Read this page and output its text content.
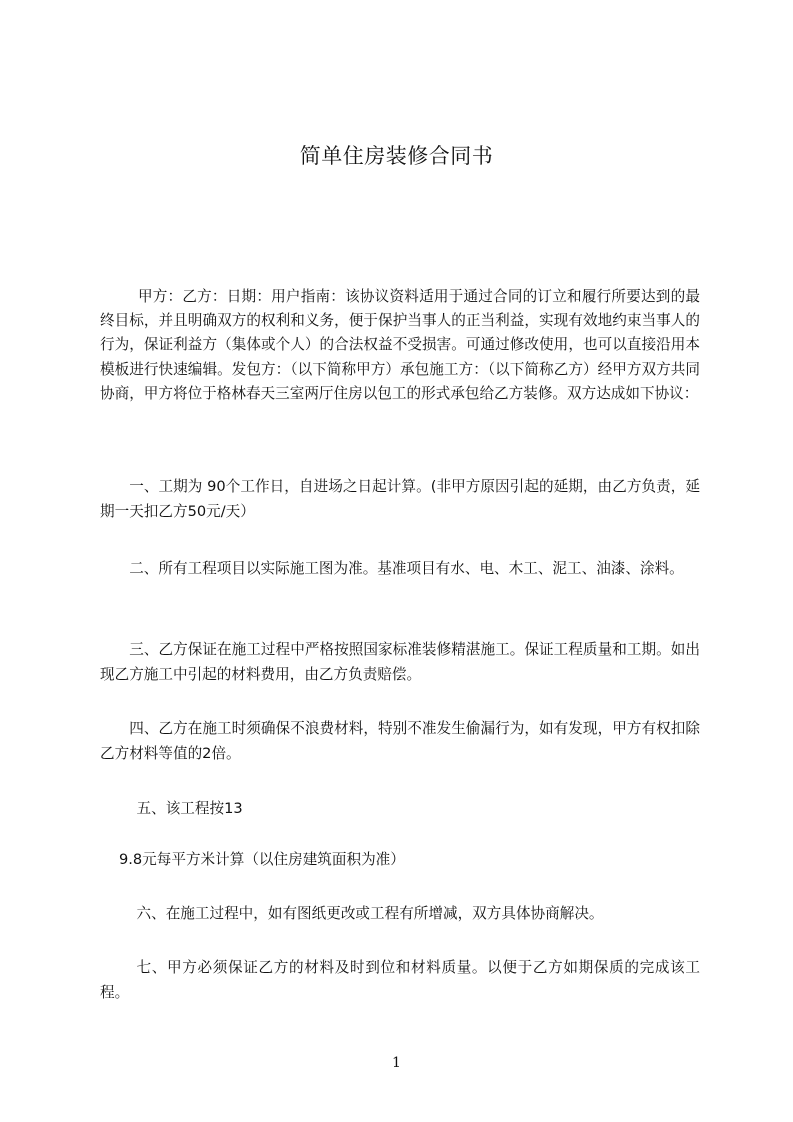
简单住房装修合同书

甲方：乙方：日期：用户指南：该协议资料适用于通过合同的订立和履行所要达到的最终目标，并且明确双方的权利和义务，便于保护当事人的正当利益，实现有效地约束当事人的行为，保证利益方（集体或个人）的合法权益不受损害。可通过修改使用，也可以直接沿用本模板进行快速编辑。发包方：（以下简称甲方）承包施工方：（以下简称乙方）经甲方双方共同协商，甲方将位于格林春天三室两厅住房以包工的形式承包给乙方装修。双方达成如下协议：

一、工期为 90个工作日，自进场之日起计算。(非甲方原因引起的延期，由乙方负责，延期一天扣乙方50元/天）

二、所有工程项目以实际施工图为准。基准项目有水、电、木工、泥工、油漆、涂料。

三、乙方保证在施工过程中严格按照国家标准装修精湛施工。保证工程质量和工期。如出现乙方施工中引起的材料费用，由乙方负责赔偿。

四、乙方在施工时须确保不浪费材料，特别不准发生偷漏行为，如有发现，甲方有权扣除乙方材料等值的2倍。

五、该工程按13

9.8元每平方米计算（以住房建筑面积为准）

六、在施工过程中，如有图纸更改或工程有所增减，双方具体协商解决。

七、甲方必须保证乙方的材料及时到位和材料质量。以便于乙方如期保质的完成该工程。

1
